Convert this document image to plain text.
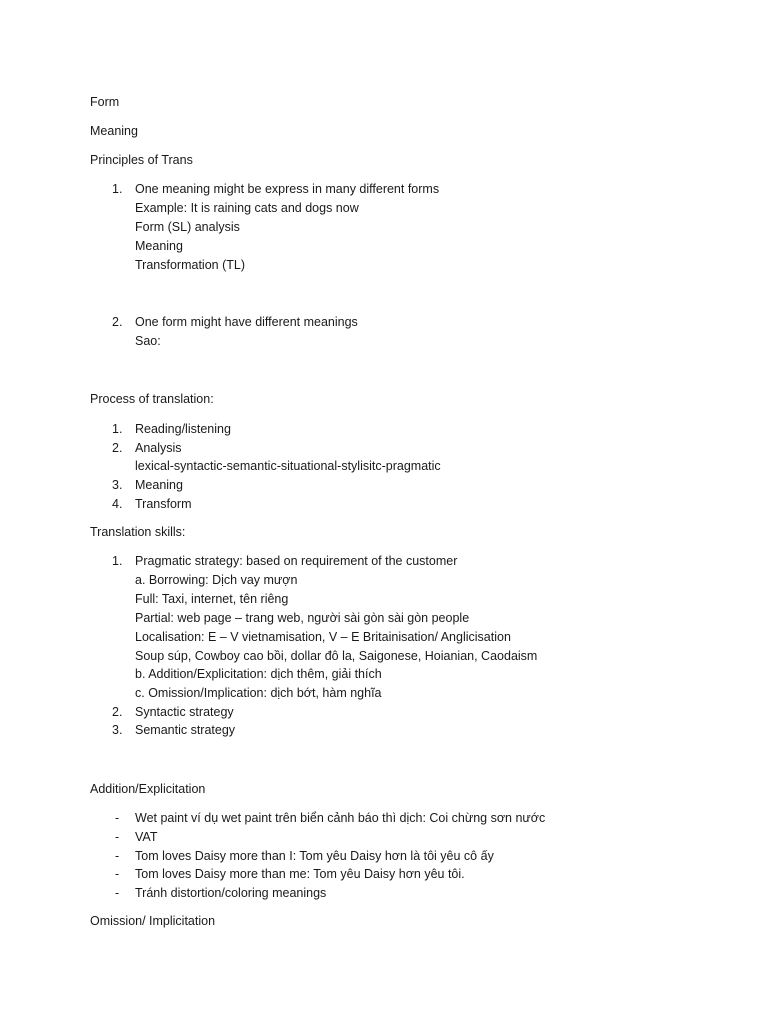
Form
Meaning
Principles of Trans
1. One meaning might be express in many different forms
Example: It is raining cats and dogs now
Form (SL) analysis
Meaning
Transformation (TL)
2. One form might have different meanings
Sao:
Process of translation:
1. Reading/listening
2. Analysis
lexical-syntactic-semantic-situational-stylisitc-pragmatic
3. Meaning
4. Transform
Translation skills:
1. Pragmatic strategy: based on requirement of the customer
a. Borrowing: Dịch vay mượn
Full: Taxi, internet, tên riêng
Partial: web page – trang web, người sài gòn sài gòn people
Localisation: E – V vietnamisation, V – E Britainisation/ Anglicisation
Soup súp, Cowboy cao bồi, dollar đô la, Saigonese, Hoianian, Caodaism
b. Addition/Explicitation: dịch thêm, giải thích
c. Omission/Implication: dịch bớt, hàm nghĩa
2. Syntactic strategy
3. Semantic strategy
Addition/Explicitation
- Wet paint ví dụ wet paint trên biển cảnh báo thì dịch: Coi chừng sơn nước
- VAT
- Tom loves Daisy more than I: Tom yêu Daisy hơn là tôi yêu cô ấy
- Tom loves Daisy more than me: Tom yêu Daisy hơn yêu tôi.
- Tránh distortion/coloring meanings
Omission/ Implicitation
